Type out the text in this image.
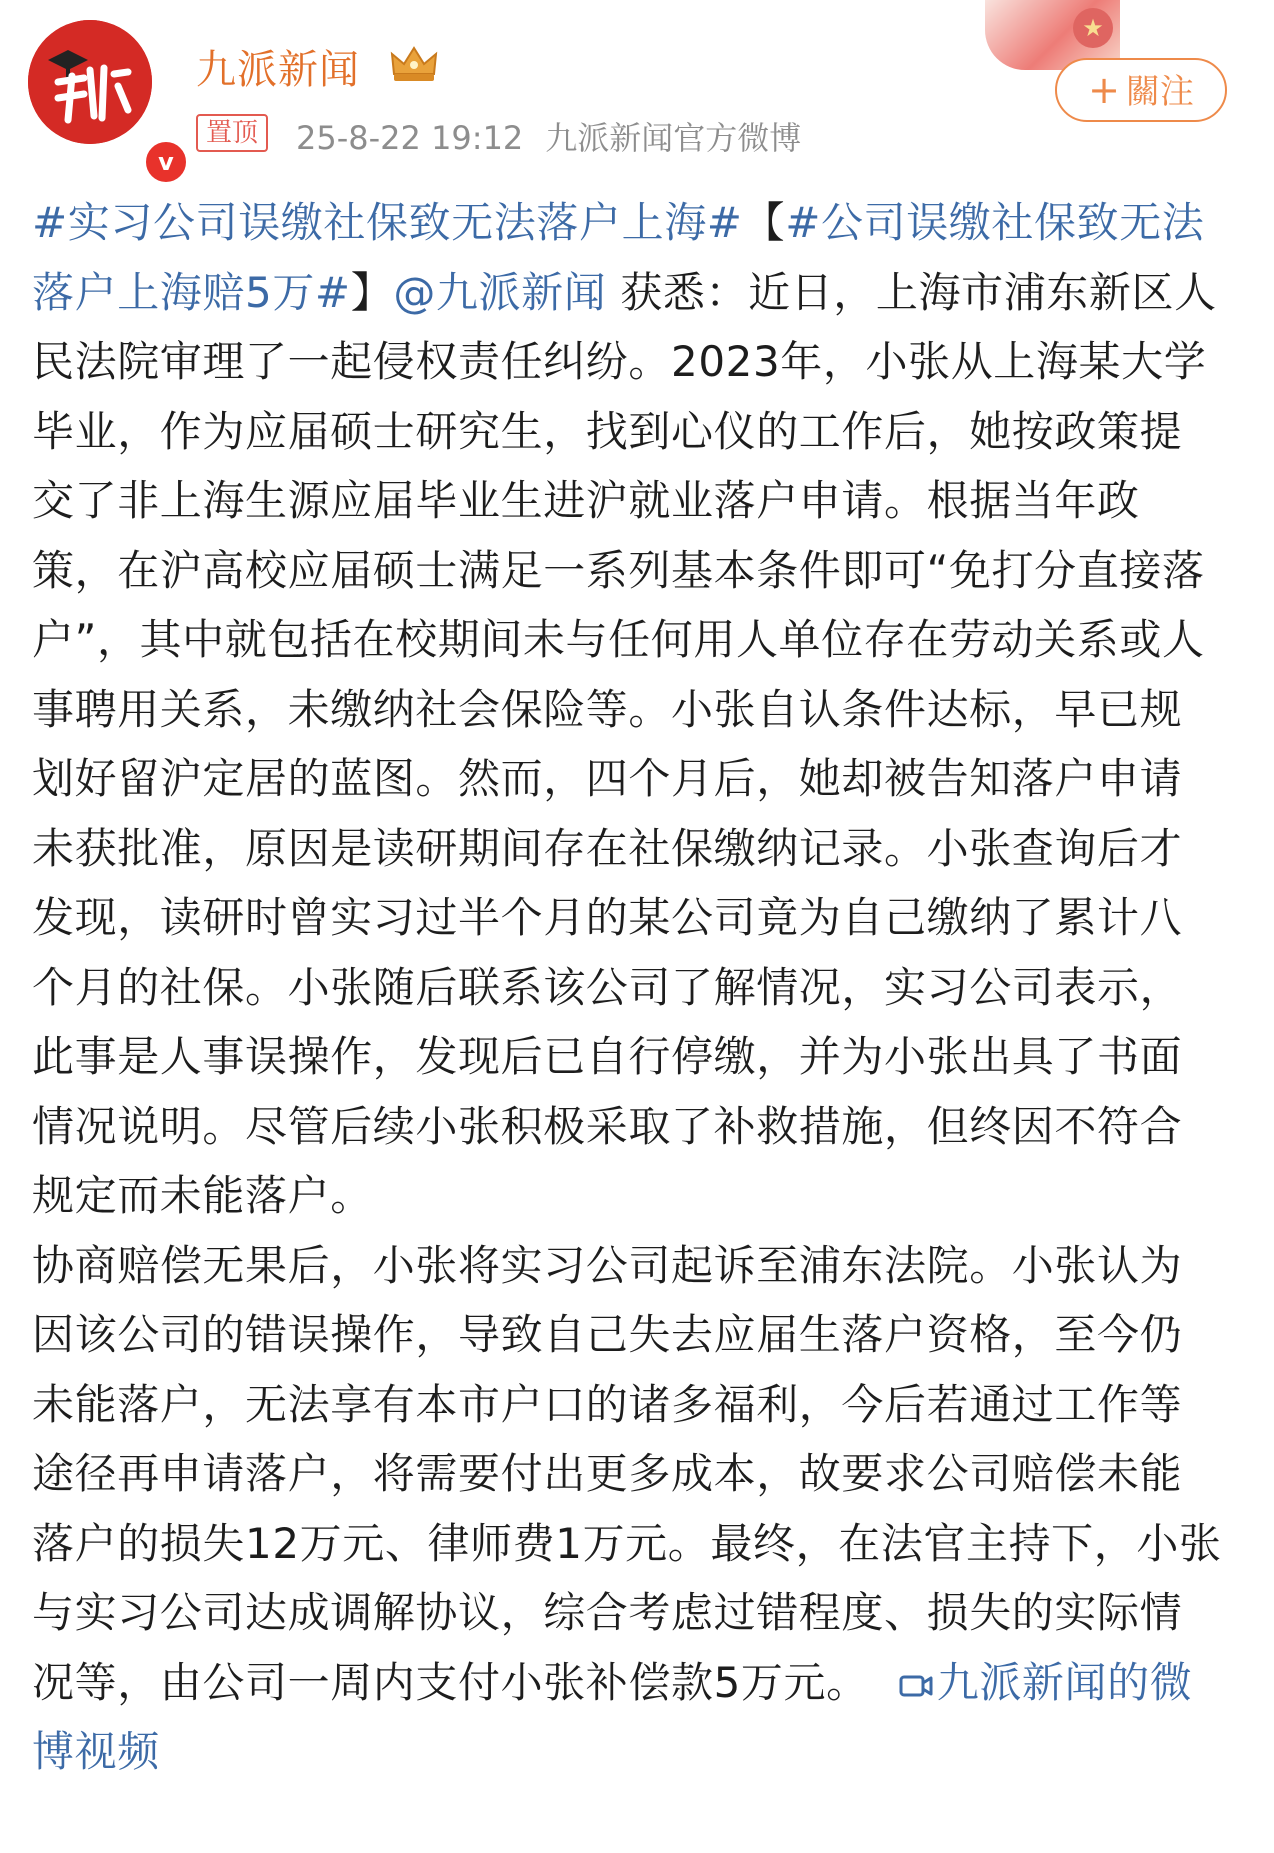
★
v
九派新闻
置顶	25-8-22 19:12 九派新闻官方微博
+ 關注

#实习公司误缴社保致无法落户上海#【#公司误缴社保致无法落户上海赔5万#】@九派新闻 获悉：近日，上海市浦东新区人民法院审理了一起侵权责任纠纷。2023年，小张从上海某大学毕业，作为应届硕士研究生，找到心仪的工作后，她按政策提交了非上海生源应届毕业生进沪就业落户申请。根据当年政策，在沪高校应届硕士满足一系列基本条件即可“免打分直接落户”，其中就包括在校期间未与任何用人单位存在劳动关系或人事聘用关系，未缴纳社会保险等。小张自认条件达标，早已规划好留沪定居的蓝图。然而，四个月后，她却被告知落户申请未获批准，原因是读研期间存在社保缴纳记录。小张查询后才发现，读研时曾实习过半个月的某公司竟为自己缴纳了累计八个月的社保。小张随后联系该公司了解情况，实习公司表示，此事是人事误操作，发现后已自行停缴，并为小张出具了书面情况说明。尽管后续小张积极采取了补救措施，但终因不符合规定而未能落户。

协商赔偿无果后，小张将实习公司起诉至浦东法院。小张认为因该公司的错误操作，导致自己失去应届生落户资格，至今仍未能落户，无法享有本市户口的诸多福利，今后若通过工作等途径再申请落户，将需要付出更多成本，故要求公司赔偿未能落户的损失12万元、律师费1万元。最终，在法官主持下，小张与实习公司达成调解协议，综合考虑过错程度、损失的实际情况等，由公司一周内支付小张补偿款5万元。 九派新闻的微博视频
